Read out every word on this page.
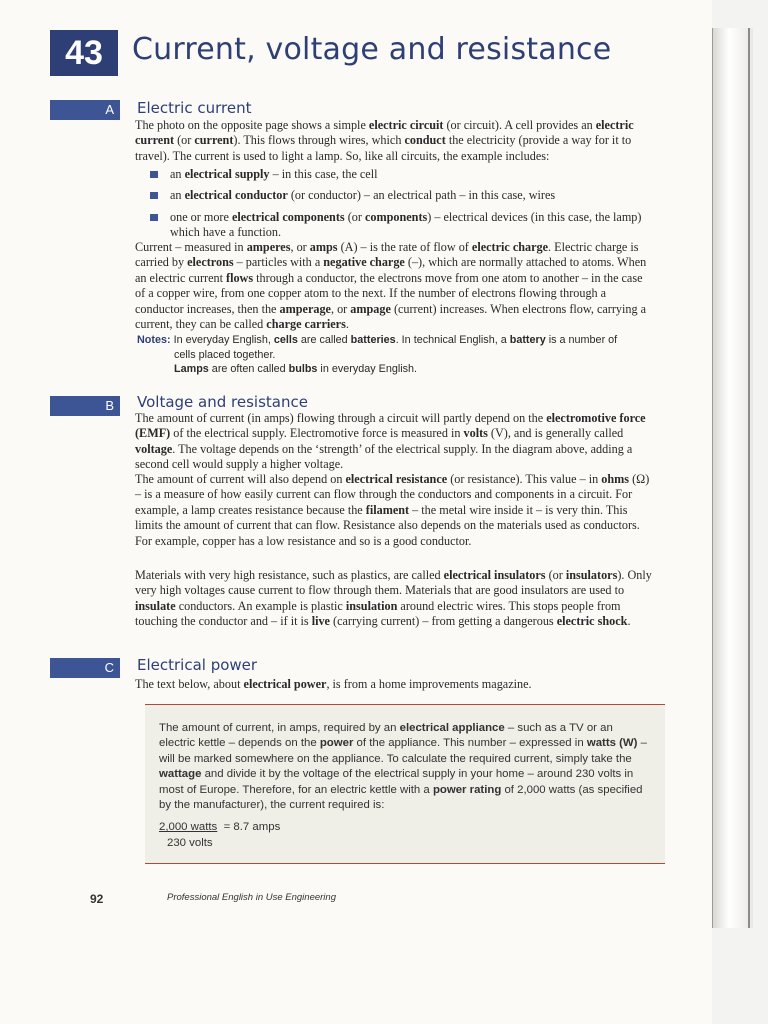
43 Current, voltage and resistance
A	Electric current

The photo on the opposite page shows a simple electric circuit (or circuit). A cell provides an electric current (or current). This flows through wires, which conduct the electricity (provide a way for it to travel). The current is used to light a lamp. So, like all circuits, the example includes:

an electrical supply – in this case, the cell
an electrical conductor (or conductor) – an electrical path – in this case, wires
one or more electrical components (or components) – electrical devices (in this case, the lamp) which have a function.

Current – measured in amperes, or amps (A) – is the rate of flow of electric charge. Electric charge is carried by electrons – particles with a negative charge (–), which are normally attached to atoms. When an electric current flows through a conductor, the electrons move from one atom to another – in the case of a copper wire, from one copper atom to the next. If the number of electrons flowing through a conductor increases, then the amperage, or ampage (current) increases. When electrons flow, carrying a current, they can be called charge carriers.

Notes: In everyday English, cells are called batteries. In technical English, a battery is a number of
cells placed together.
Lamps are often called bulbs in everyday English.
B	Voltage and resistance

The amount of current (in amps) flowing through a circuit will partly depend on the electromotive force (EMF) of the electrical supply. Electromotive force is measured in volts (V), and is generally called voltage. The voltage depends on the ‘strength’ of the electrical supply. In the diagram above, adding a second cell would supply a higher voltage.

The amount of current will also depend on electrical resistance (or resistance). This value – in ohms (Ω) – is a measure of how easily current can flow through the conductors and components in a circuit. For example, a lamp creates resistance because the filament – the metal wire inside it – is very thin. This limits the amount of current that can flow. Resistance also depends on the materials used as conductors. For example, copper has a low resistance and so is a good conductor.

Materials with very high resistance, such as plastics, are called electrical insulators (or insulators). Only very high voltages cause current to flow through them. Materials that are good insulators are used to insulate conductors. An example is plastic insulation around electric wires. This stops people from touching the conductor and – if it is live (carrying current) – from getting a dangerous electric shock.

C	Electrical power

The text below, about electrical power, is from a home improvements magazine.

The amount of current, in amps, required by an electrical appliance – such as a TV or an electric kettle – depends on the power of the appliance. This number – expressed in watts (W) – will be marked somewhere on the appliance. To calculate the required current, simply take the wattage and divide it by the voltage of the electrical supply in your home – around 230 volts in most of Europe. Therefore, for an electric kettle with a power rating of 2,000 watts (as specified by the manufacturer), the current required is:
2,000 watts = 8.7 amps
230 volts
92	Professional English in Use Engineering
